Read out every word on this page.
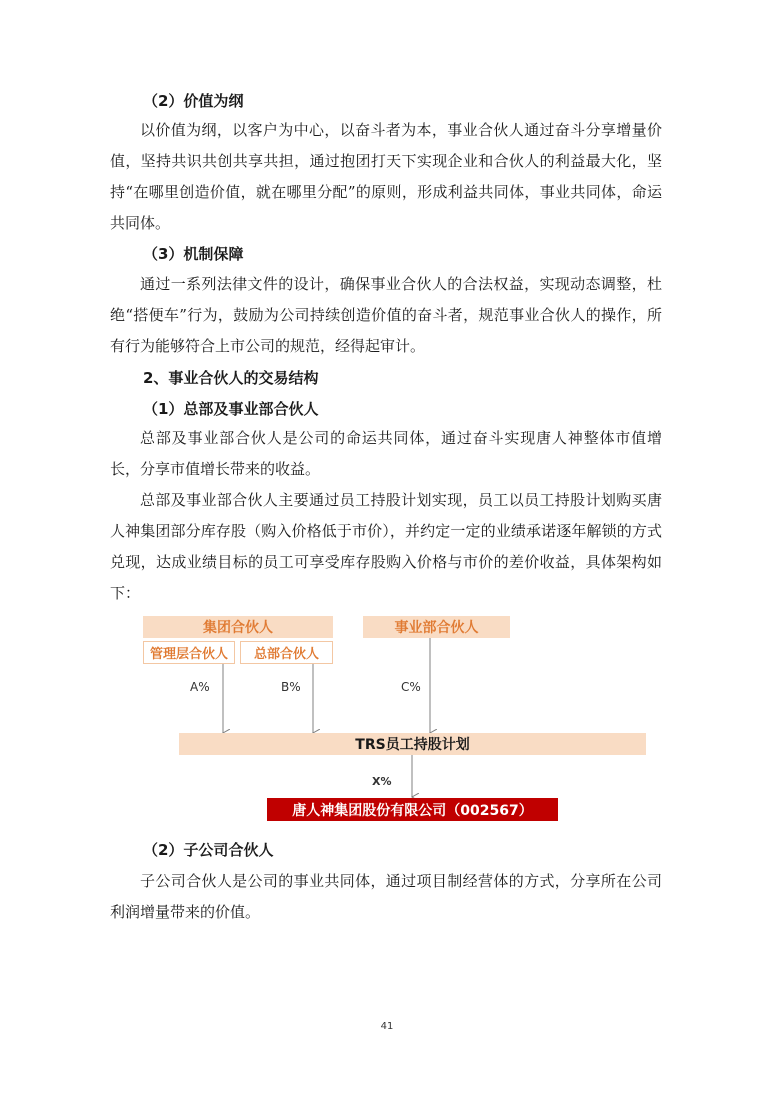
（2）价值为纲

以价值为纲，以客户为中心，以奋斗者为本，事业合伙人通过奋斗分享增量价值，坚持共识共创共享共担，通过抱团打天下实现企业和合伙人的利益最大化，坚持“在哪里创造价值，就在哪里分配”的原则，形成利益共同体，事业共同体，命运共同体。

（3）机制保障

通过一系列法律文件的设计，确保事业合伙人的合法权益，实现动态调整，杜绝“搭便车”行为，鼓励为公司持续创造价值的奋斗者，规范事业合伙人的操作，所有行为能够符合上市公司的规范，经得起审计。

2、事业合伙人的交易结构
（1）总部及事业部合伙人

总部及事业部合伙人是公司的命运共同体，通过奋斗实现唐人神整体市值增长，分享市值增长带来的收益。

总部及事业部合伙人主要通过员工持股计划实现，员工以员工持股计划购买唐人神集团部分库存股（购入价格低于市价），并约定一定的业绩承诺逐年解锁的方式兑现，达成业绩目标的员工可享受库存股购入价格与市价的差价收益，具体架构如下：

集团合伙人
管理层合伙人	总部合伙人
事业部合伙人
A%	B%	C%
TRS员工持股计划
X%
唐人神集团股份有限公司（002567）
（2）子公司合伙人

子公司合伙人是公司的事业共同体，通过项目制经营体的方式，分享所在公司利润增量带来的价值。

41
